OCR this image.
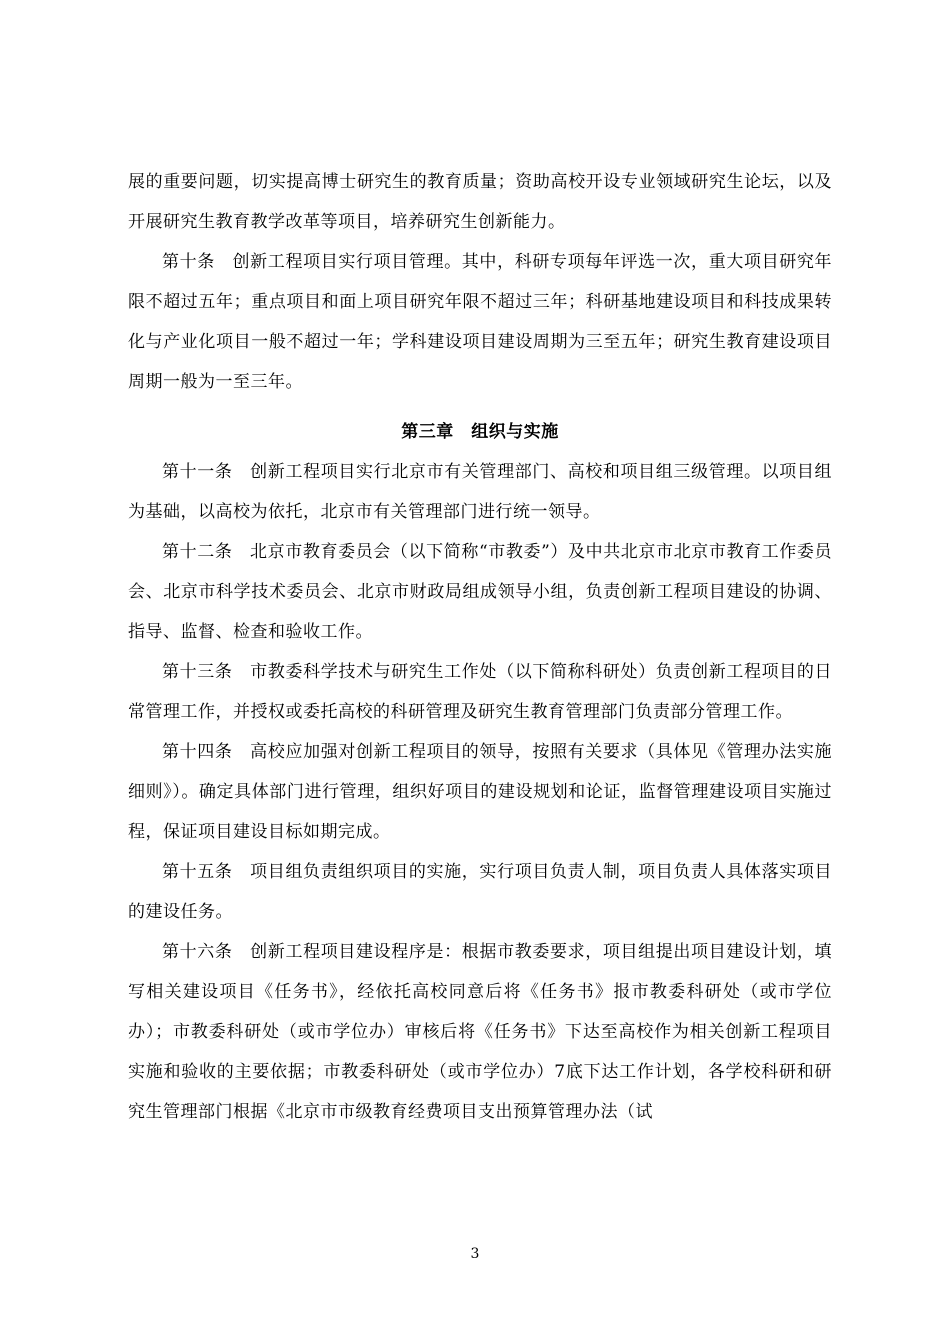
展的重要问题，切实提高博士研究生的教育质量；资助高校开设专业领域研究生论坛，以及开展研究生教育教学改革等项目，培养研究生创新能力。

第十条　创新工程项目实行项目管理。其中，科研专项每年评选一次，重大项目研究年限不超过五年；重点项目和面上项目研究年限不超过三年；科研基地建设项目和科技成果转化与产业化项目一般不超过一年；学科建设项目建设周期为三至五年；研究生教育建设项目周期一般为一至三年。

第三章　组织与实施

第十一条　创新工程项目实行北京市有关管理部门、高校和项目组三级管理。以项目组为基础，以高校为依托，北京市有关管理部门进行统一领导。

第十二条　北京市教育委员会（以下简称“市教委”）及中共北京市北京市教育工作委员会、北京市科学技术委员会、北京市财政局组成领导小组，负责创新工程项目建设的协调、指导、监督、检查和验收工作。

第十三条　市教委科学技术与研究生工作处（以下简称科研处）负责创新工程项目的日常管理工作，并授权或委托高校的科研管理及研究生教育管理部门负责部分管理工作。

第十四条　高校应加强对创新工程项目的领导，按照有关要求（具体见《管理办法实施细则》）。确定具体部门进行管理，组织好项目的建设规划和论证，监督管理建设项目实施过程，保证项目建设目标如期完成。

第十五条　项目组负责组织项目的实施，实行项目负责人制，项目负责人具体落实项目的建设任务。

第十六条　创新工程项目建设程序是：根据市教委要求，项目组提出项目建设计划，填写相关建设项目《任务书》，经依托高校同意后将《任务书》报市教委科研处（或市学位办）；市教委科研处（或市学位办）审核后将《任务书》下达至高校作为相关创新工程项目实施和验收的主要依据；市教委科研处（或市学位办）7底下达工作计划，各学校科研和研究生管理部门根据《北京市市级教育经费项目支出预算管理办法（试

3
